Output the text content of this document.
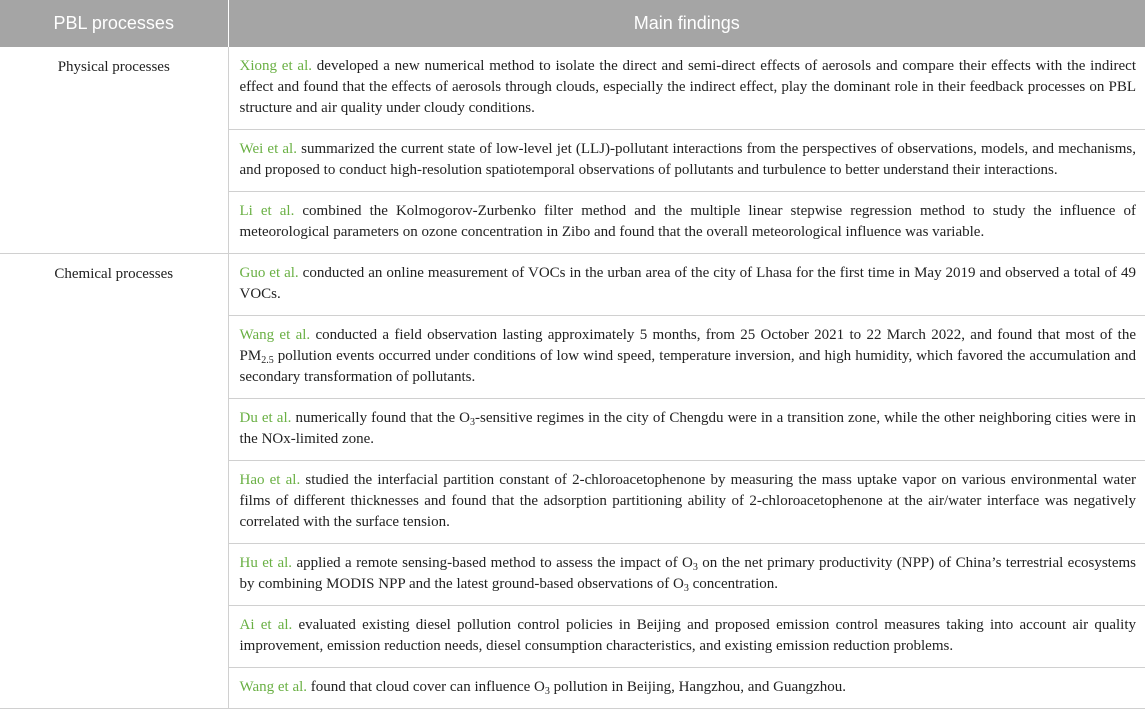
PBL processes	Main findings
Physical processes	Xiong et al. developed a new numerical method to isolate the direct and semi-direct effects of aerosols and compare their effects with the indirect effect and found that the effects of aerosols through clouds, especially the indirect effect, play the dominant role in their feedback processes on PBL structure and air quality under cloudy conditions.
	Wei et al. summarized the current state of low-level jet (LLJ)-pollutant interactions from the perspectives of observations, models, and mechanisms, and proposed to conduct high-resolution spatiotemporal observations of pollutants and turbulence to better understand their interactions.
	Li et al. combined the Kolmogorov-Zurbenko filter method and the multiple linear stepwise regression method to study the influence of meteorological parameters on ozone concentration in Zibo and found that the overall meteorological influence was variable.
Chemical processes	Guo et al. conducted an online measurement of VOCs in the urban area of the city of Lhasa for the first time in May 2019 and observed a total of 49 VOCs.
	Wang et al. conducted a field observation lasting approximately 5 months, from 25 October 2021 to 22 March 2022, and found that most of the $PM_{2.5}$ pollution events occurred under conditions of low wind speed, temperature inversion, and high humidity, which favored the accumulation and secondary transformation of pollutants.
	Du et al. numerically found that the $O_3$-sensitive regimes in the city of Chengdu were in a transition zone, while the other neighboring cities were in the NOx-limited zone.
	Hao et al. studied the interfacial partition constant of 2-chloroacetophenone by measuring the mass uptake vapor on various environmental water films of different thicknesses and found that the adsorption partitioning ability of 2-chloroacetophenone at the air/water interface was negatively correlated with the surface tension.
	Hu et al. applied a remote sensing-based method to assess the impact of $O_3$ on the net primary productivity (NPP) of China’s terrestrial ecosystems by combining MODIS NPP and the latest ground-based observations of $O_3$ concentration.
	Ai et al. evaluated existing diesel pollution control policies in Beijing and proposed emission control measures taking into account air quality improvement, emission reduction needs, diesel consumption characteristics, and existing emission reduction problems.
	Wang et al. found that cloud cover can influence $O_3$ pollution in Beijing, Hangzhou, and Guangzhou.
